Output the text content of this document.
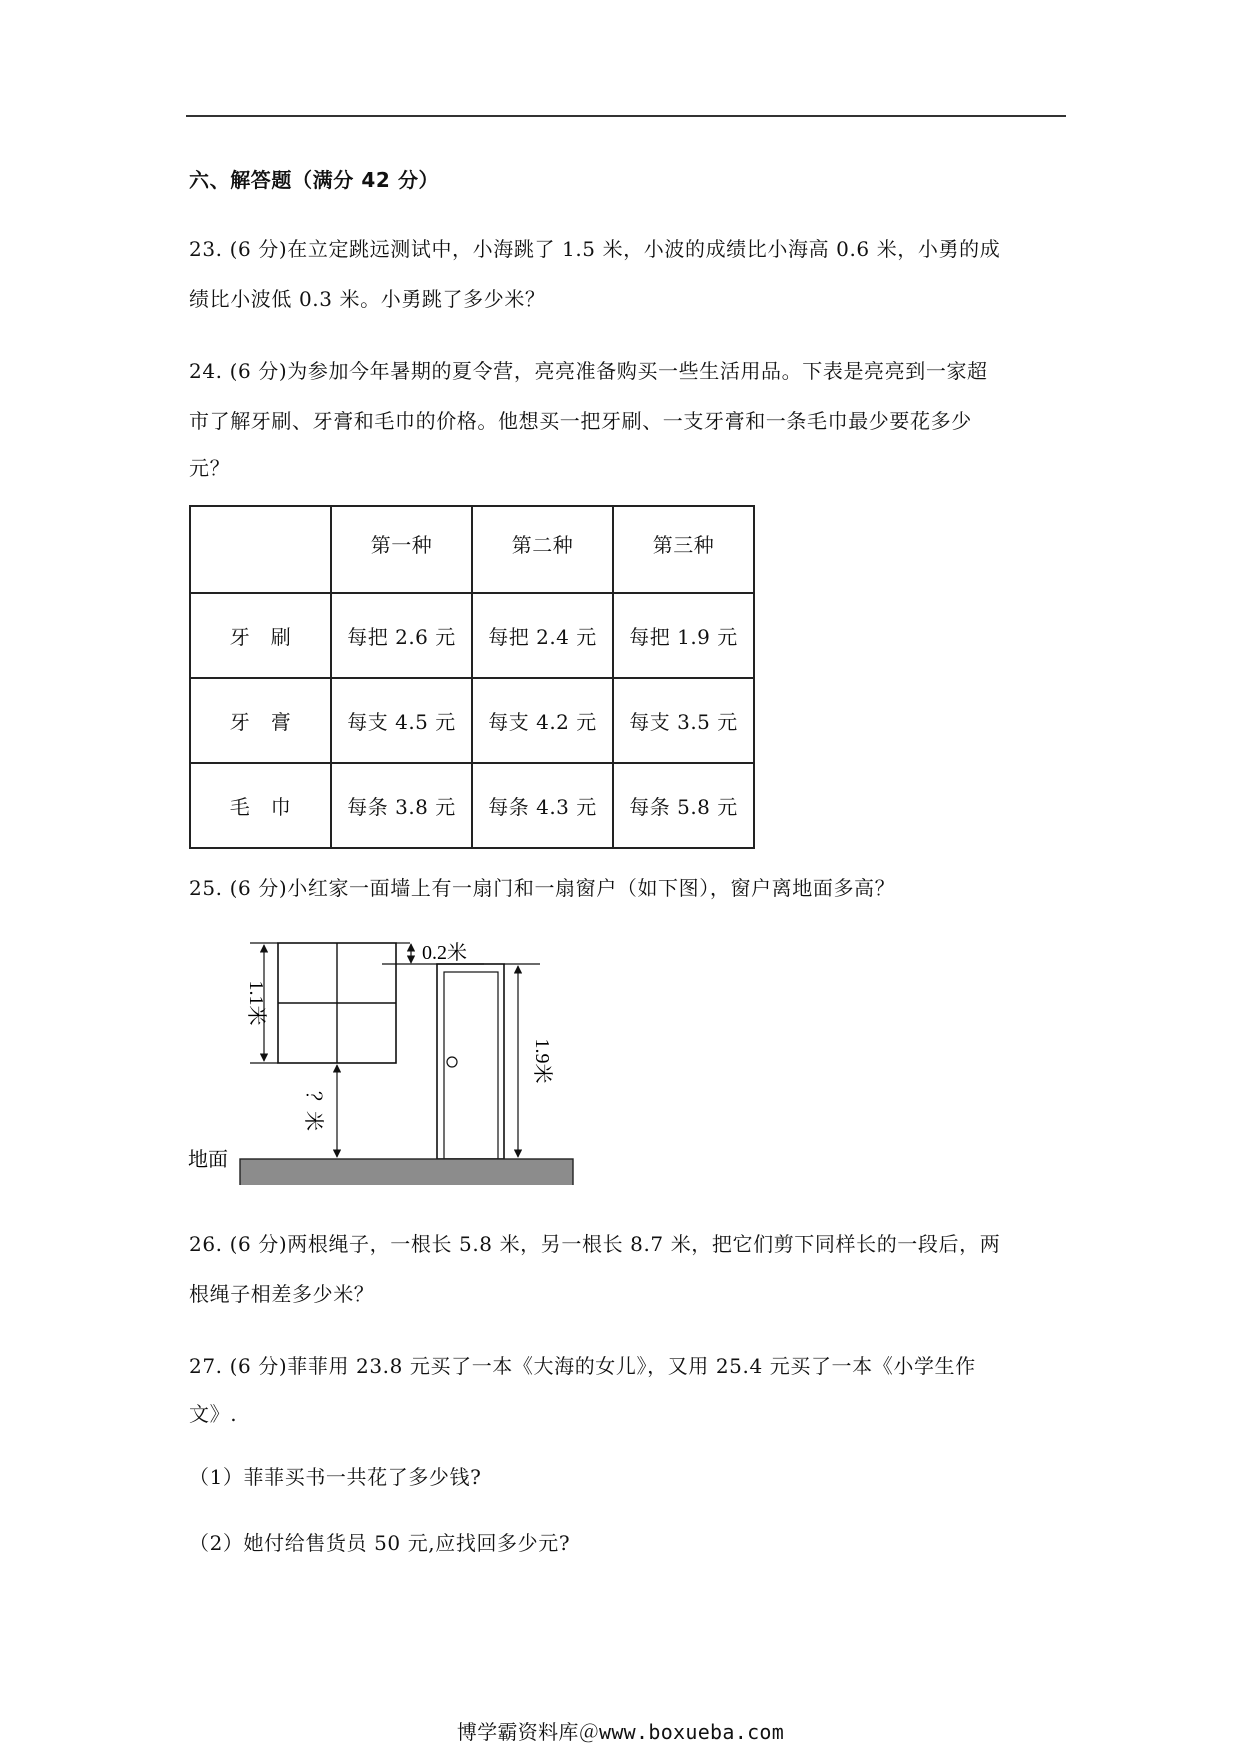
六、解答题（满分 42 分）
23. (6 分)在立定跳远测试中，小海跳了 1.5 米，小波的成绩比小海高 0.6 米，小勇的成
绩比小波低 0.3 米。小勇跳了多少米？
24. (6 分)为参加今年暑期的夏令营，亮亮准备购买一些生活用品。下表是亮亮到一家超
市了解牙刷、牙膏和毛巾的价格。他想买一把牙刷、一支牙膏和一条毛巾最少要花多少
元？
	第一种	第二种	第三种
牙　刷	每把 2.6 元	每把 2.4 元	每把 1.9 元
牙　膏	每支 4.5 元	每支 4.2 元	每支 3.5 元
毛　巾	每条 3.8 元	每条 4.3 元	每条 5.8 元
25. (6 分)小红家一面墙上有一扇门和一扇窗户（如下图），窗户离地面多高？
1.1米
？米
0.2米
1.9米
地面
26. (6 分)两根绳子，一根长 5.8 米，另一根长 8.7 米，把它们剪下同样长的一段后，两
根绳子相差多少米？
27. (6 分)菲菲用 23.8 元买了一本《大海的女儿》，又用 25.4 元买了一本《小学生作
文》.
（1）菲菲买书一共花了多少钱?
（2）她付给售货员 50 元,应找回多少元?
博学霸资料库＠www.boxueba.com
